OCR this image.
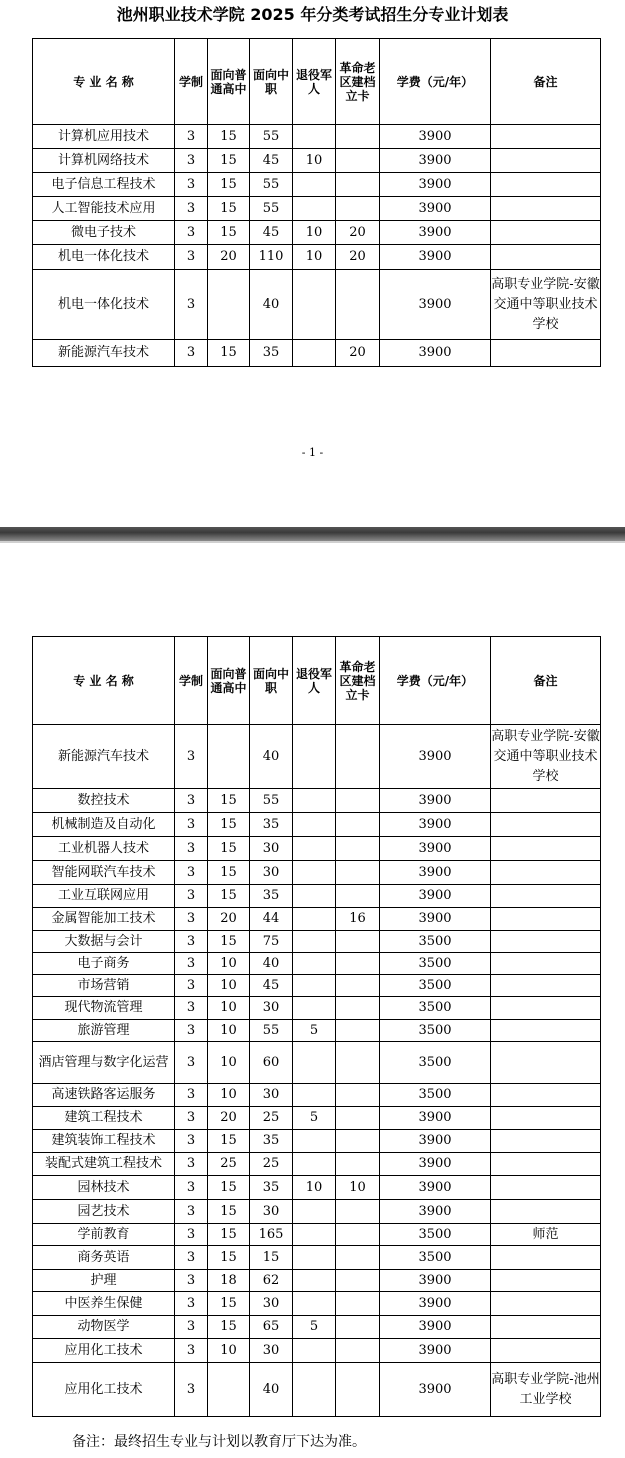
池州职业技术学院 2025 年分类考试招生分专业计划表
专 业 名 称	学制	面向普通高中	面向中职	退役军人	革命老区建档立卡	学费（元/年）	备注
计算机应用技术	3	15	55			3900	
计算机网络技术	3	15	45	10		3900	
电子信息工程技术	3	15	55			3900	
人工智能技术应用	3	15	55			3900	
微电子技术	3	15	45	10	20	3900	
机电一体化技术	3	20	110	10	20	3900	
机电一体化技术	3		40			3900	高职专业学院-安徽交通中等职业技术学校
新能源汽车技术	3	15	35		20	3900	
- 1 -
专 业 名 称	学制	面向普通高中	面向中职	退役军人	革命老区建档立卡	学费（元/年）	备注
新能源汽车技术	3		40			3900	高职专业学院-安徽交通中等职业技术学校
数控技术	3	15	55			3900	
机械制造及自动化	3	15	35			3900	
工业机器人技术	3	15	30			3900	
智能网联汽车技术	3	15	30			3900	
工业互联网应用	3	15	35			3900	
金属智能加工技术	3	20	44		16	3900	
大数据与会计	3	15	75			3500	
电子商务	3	10	40			3500	
市场营销	3	10	45			3500	
现代物流管理	3	10	30			3500	
旅游管理	3	10	55	5		3500	
酒店管理与数字化运营	3	10	60			3500	
高速铁路客运服务	3	10	30			3500	
建筑工程技术	3	20	25	5		3900	
建筑装饰工程技术	3	15	35			3900	
装配式建筑工程技术	3	25	25			3900	
园林技术	3	15	35	10	10	3900	
园艺技术	3	15	30			3900	
学前教育	3	15	165			3500	师范
商务英语	3	15	15			3500	
护理	3	18	62			3900	
中医养生保健	3	15	30			3900	
动物医学	3	15	65	5		3900	
应用化工技术	3	10	30			3900	
应用化工技术	3		40			3900	高职专业学院-池州工业学校
备注：最终招生专业与计划以教育厅下达为准。
